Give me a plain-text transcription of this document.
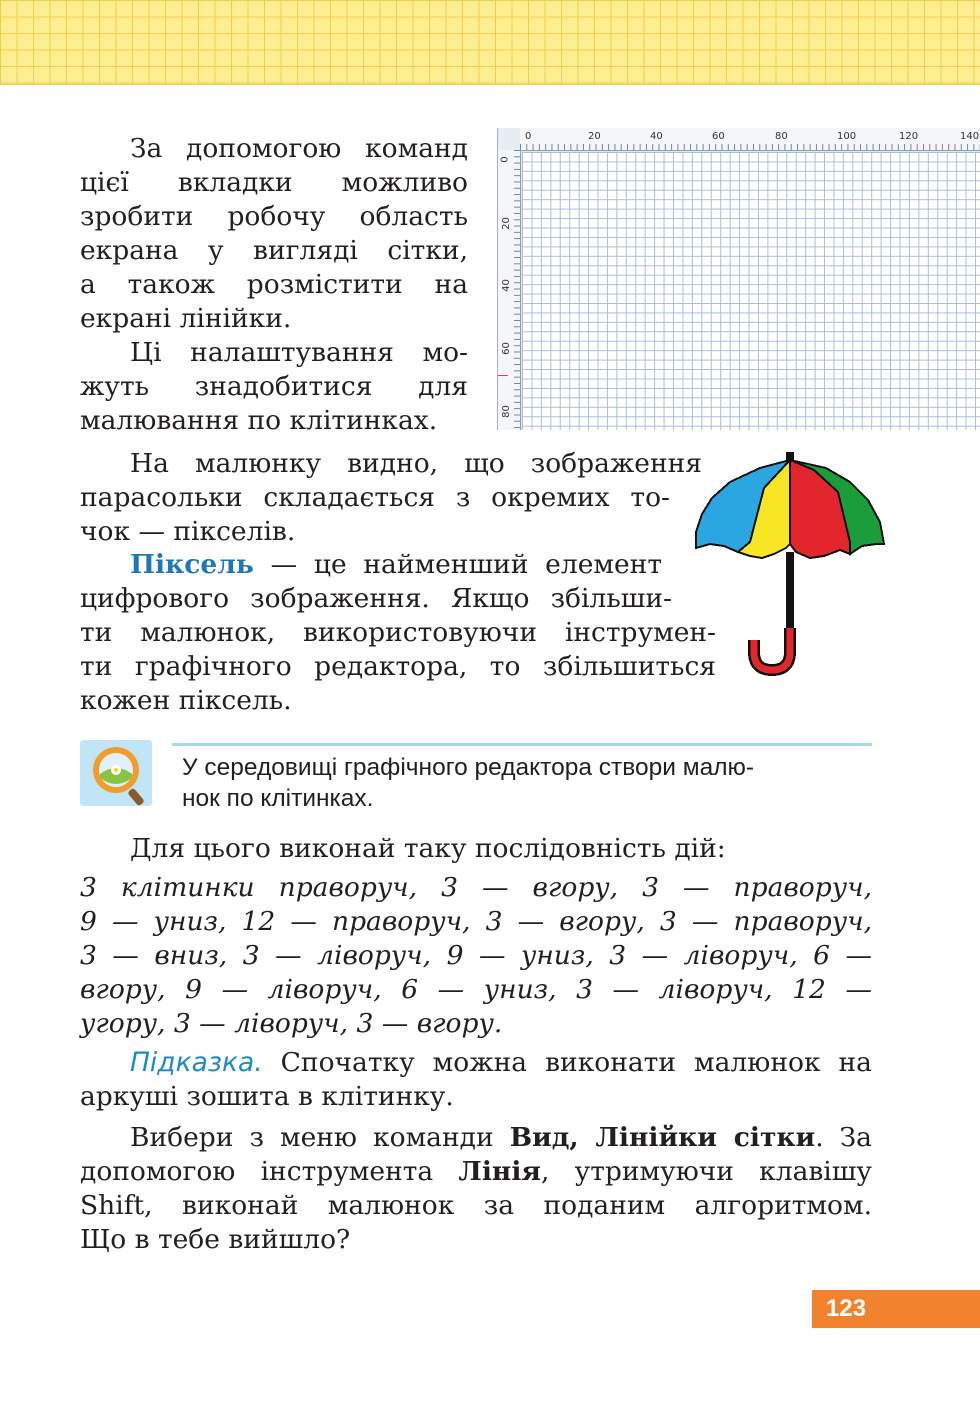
За допомогою команд
цієї вкладки можливо
зробити робочу область
екрана у вигляді сітки,
а також розмістити на
екрані лінійки.
Ці налаштування мо-
жуть знадобитися для
малювання по клітинках.
0	20	40	60	80	100	120	140
0
20
40
60
80
На малюнку видно, що зображення
парасольки складається з окремих то-
чок — пікселів.
Піксель — це найменший елемент
цифрового зображення. Якщо збільши-
ти малюнок, використовуючи інструмен-
ти графічного редактора, то збільшиться
кожен піксель.
У середовищі графічного редактора створи малю-
нок по клітинках.
Для цього виконай таку послідовність дій:
3 клітинки праворуч, 3 — вгору, 3 — праворуч,
9 — униз, 12 — праворуч, 3 — вгору, 3 — праворуч,
3 — вниз, 3 — ліворуч, 9 — униз, 3 — ліворуч, 6 —
вгору, 9 — ліворуч, 6 — униз, 3 — ліворуч, 12 —
угору, 3 — ліворуч, 3 — вгору.
Підказка. Спочатку можна виконати малюнок на
аркуші зошита в клітинку.
Вибери з меню команди Вид, Лінійки сітки. За
допомогою інструмента Лінія, утримуючи клавішу
Shift, виконай малюнок за поданим алгоритмом.
Що в тебе вийшло?
123
